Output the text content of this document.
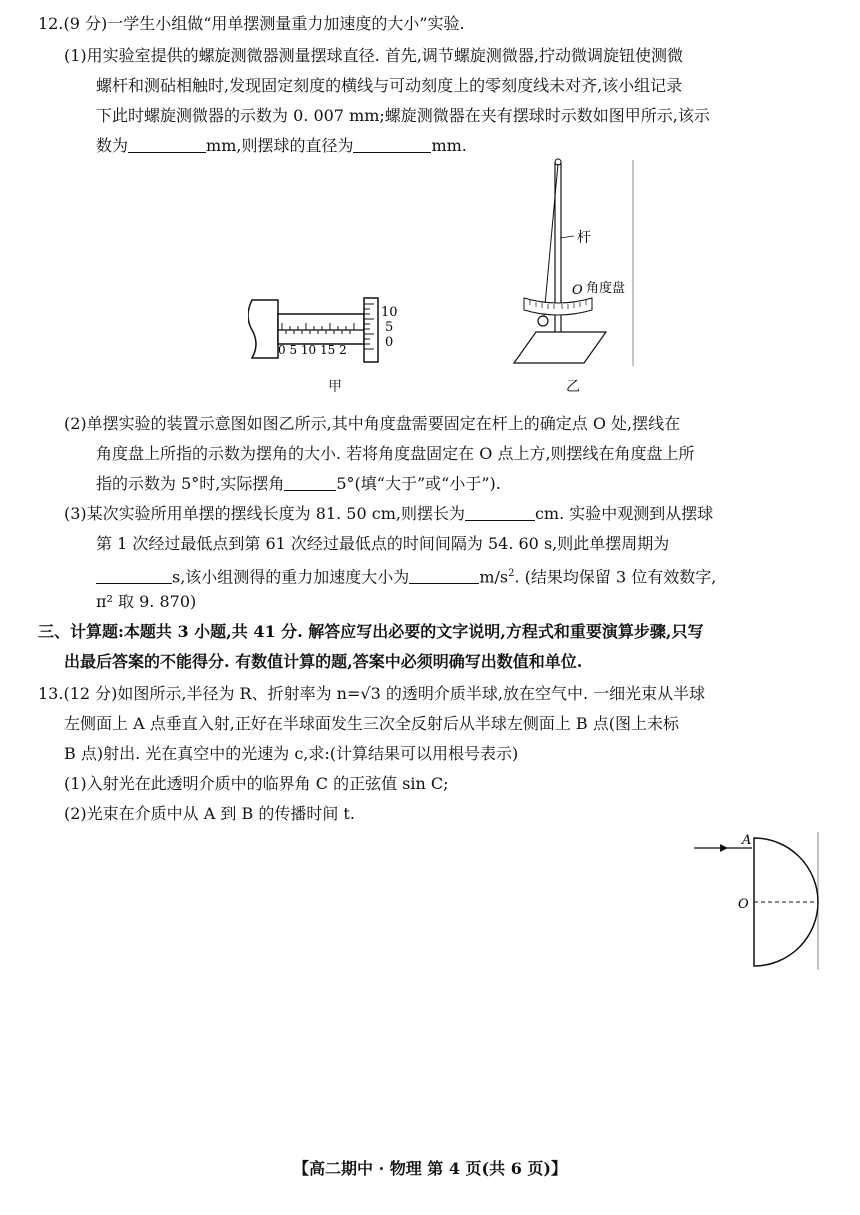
12.(9 分)一学生小组做“用单摆测量重力加速度的大小”实验.
(1)用实验室提供的螺旋测微器测量摆球直径. 首先,调节螺旋测微器,拧动微调旋钮使测微
螺杆和测砧相触时,发现固定刻度的横线与可动刻度上的零刻度线未对齐,该小组记录
下此时螺旋测微器的示数为 0. 007 mm;螺旋测微器在夹有摆球时示数如图甲所示,该示
数为	mm,则摆球的直径为	mm.
0 5 10 15 2
10
5
0
甲
杆
O 角度盘
乙
(2)单摆实验的装置示意图如图乙所示,其中角度盘需要固定在杆上的确定点 O 处,摆线在
角度盘上所指的示数为摆角的大小. 若将角度盘固定在 O 点上方,则摆线在角度盘上所
指的示数为 5°时,实际摆角	5°(填“大于”或“小于”).
(3)某次实验所用单摆的摆线长度为 81. 50 cm,则摆长为	cm. 实验中观测到从摆球
第 1 次经过最低点到第 61 次经过最低点的时间间隔为 54. 60 s,则此单摆周期为
s,该小组测得的重力加速度大小为	$m/s^2$. (结果均保留 3 位有效数字,
π² 取 9. 870)
三、计算题:本题共 3 小题,共 41 分. 解答应写出必要的文字说明,方程式和重要演算步骤,只写
出最后答案的不能得分. 有数值计算的题,答案中必须明确写出数值和单位.
13.(12 分)如图所示,半径为 R、折射率为 n=√3 的透明介质半球,放在空气中. 一细光束从半球
左侧面上 A 点垂直入射,正好在半球面发生三次全反射后从半球左侧面上 B 点(图上未标
B 点)射出. 光在真空中的光速为 c,求:(计算结果可以用根号表示)
(1)入射光在此透明介质中的临界角 C 的正弦值 sin C;
(2)光束在介质中从 A 到 B 的传播时间 t.
A
O
【高二期中 · 物理 第 4 页(共 6 页)】
